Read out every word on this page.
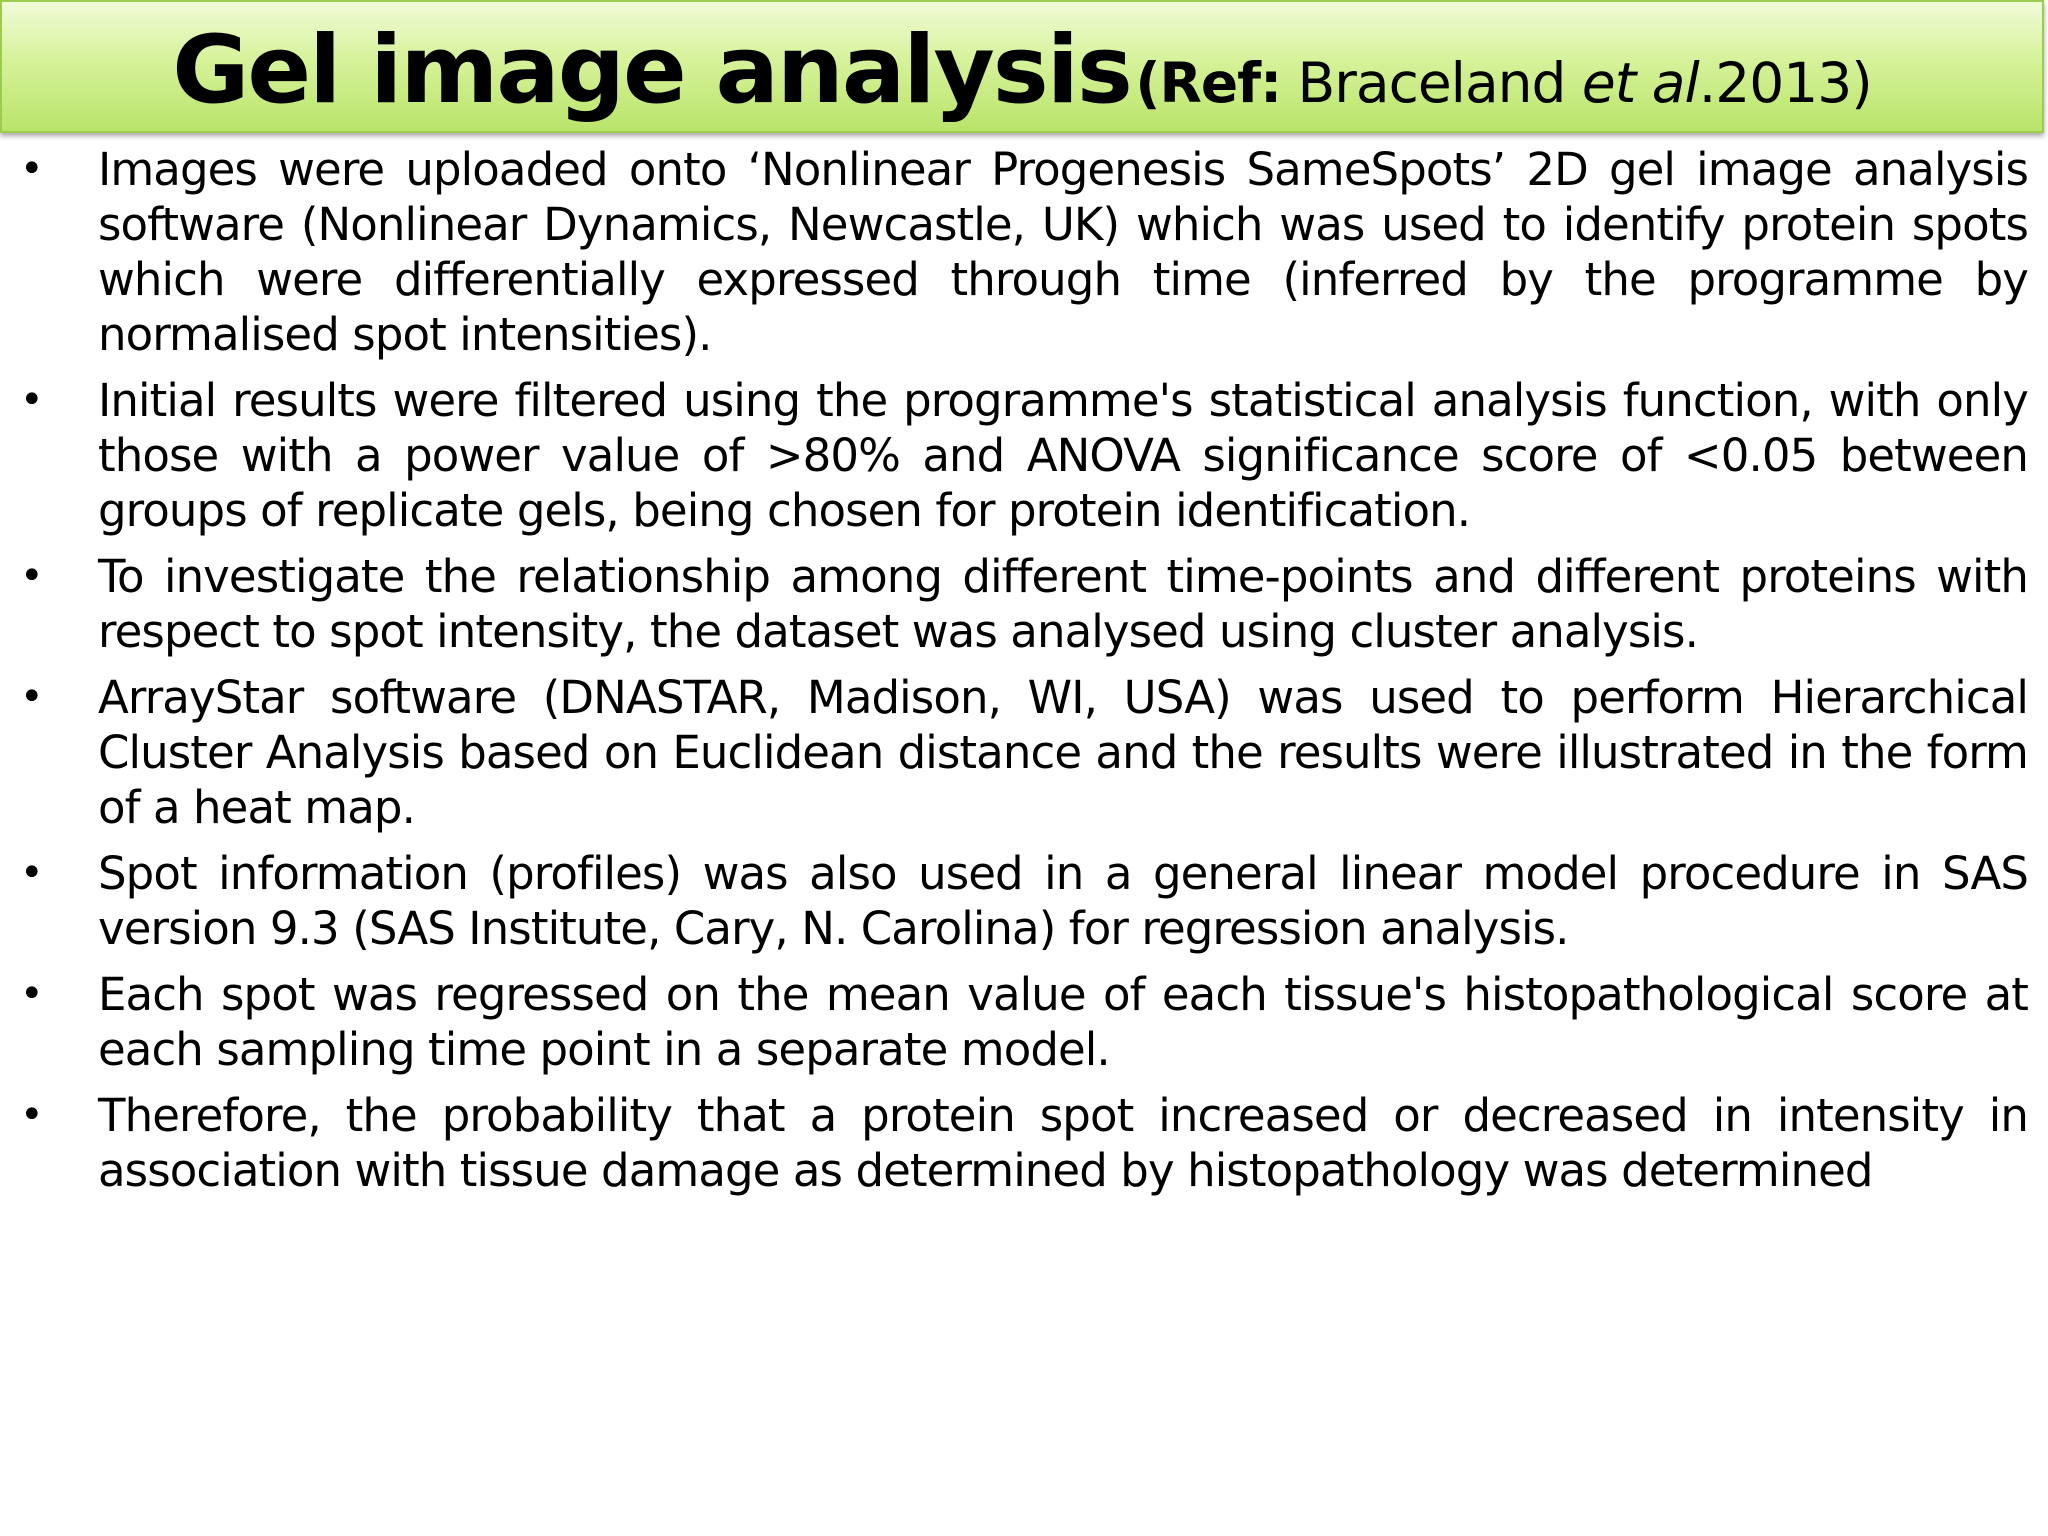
Gel image analysis (Ref: Braceland et al.2013)
•	Images were uploaded onto ‘Nonlinear Progenesis SameSpots’ 2D gel image analysis software (Nonlinear Dynamics, Newcastle, UK) which was used to identify protein spots which were differentially expressed through time (inferred by the programme by normalised spot intensities).
•	Initial results were filtered using the programme's statistical analysis function, with only those with a power value of >80% and ANOVA significance score of <0.05 between groups of replicate gels, being chosen for protein identification.
•	To investigate the relationship among different time-points and different proteins with respect to spot intensity, the dataset was analysed using cluster analysis.
•	ArrayStar software (DNASTAR, Madison, WI, USA) was used to perform Hierarchical Cluster Analysis based on Euclidean distance and the results were illustrated in the form of a heat map.
•	Spot information (profiles) was also used in a general linear model procedure in SAS version 9.3 (SAS Institute, Cary, N. Carolina) for regression analysis.
•	Each spot was regressed on the mean value of each tissue's histopathological score at each sampling time point in a separate model.
•	Therefore, the probability that a protein spot increased or decreased in intensity in association with tissue damage as determined by histopathology was determined
